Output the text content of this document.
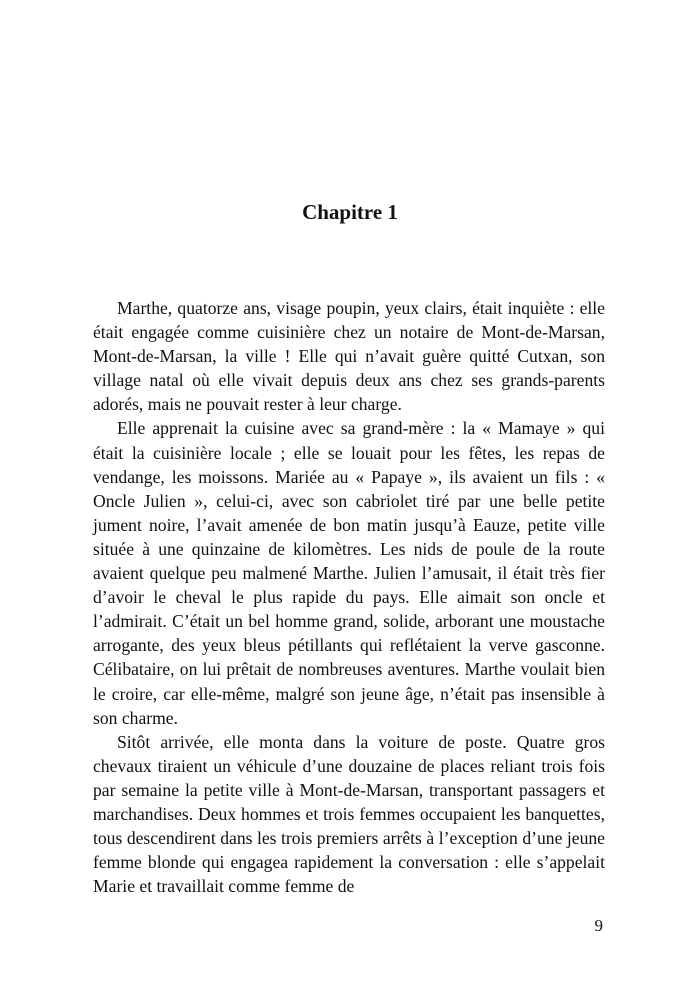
Chapitre 1

Marthe, quatorze ans, visage poupin, yeux clairs, était inquiète : elle était engagée comme cuisinière chez un notaire de Mont-de-Marsan, Mont-de-Marsan, la ville ! Elle qui n’avait guère quitté Cutxan, son village natal où elle vivait depuis deux ans chez ses grands-parents adorés, mais ne pouvait rester à leur charge.

Elle apprenait la cuisine avec sa grand-mère : la « Mamaye » qui était la cuisinière locale ; elle se louait pour les fêtes, les repas de vendange, les moissons. Mariée au « Papaye », ils avaient un fils : « Oncle Julien », celui-ci, avec son cabriolet tiré par une belle petite jument noire, l’avait amenée de bon matin jusqu’à Eauze, petite ville située à une quinzaine de kilomètres. Les nids de poule de la route avaient quelque peu malmené Marthe. Julien l’amusait, il était très fier d’avoir le cheval le plus rapide du pays. Elle aimait son oncle et l’admirait. C’était un bel homme grand, solide, arborant une moustache arrogante, des yeux bleus pétillants qui reflétaient la verve gasconne. Célibataire, on lui prêtait de nombreuses aventures. Marthe voulait bien le croire, car elle-même, malgré son jeune âge, n’était pas insensible à son charme.

Sitôt arrivée, elle monta dans la voiture de poste. Quatre gros chevaux tiraient un véhicule d’une douzaine de places reliant trois fois par semaine la petite ville à Mont-de-Marsan, transportant passagers et marchandises. Deux hommes et trois femmes occupaient les banquettes, tous descendirent dans les trois premiers arrêts à l’exception d’une jeune femme blonde qui engagea rapidement la conversation : elle s’appelait Marie et travaillait comme femme de

9
